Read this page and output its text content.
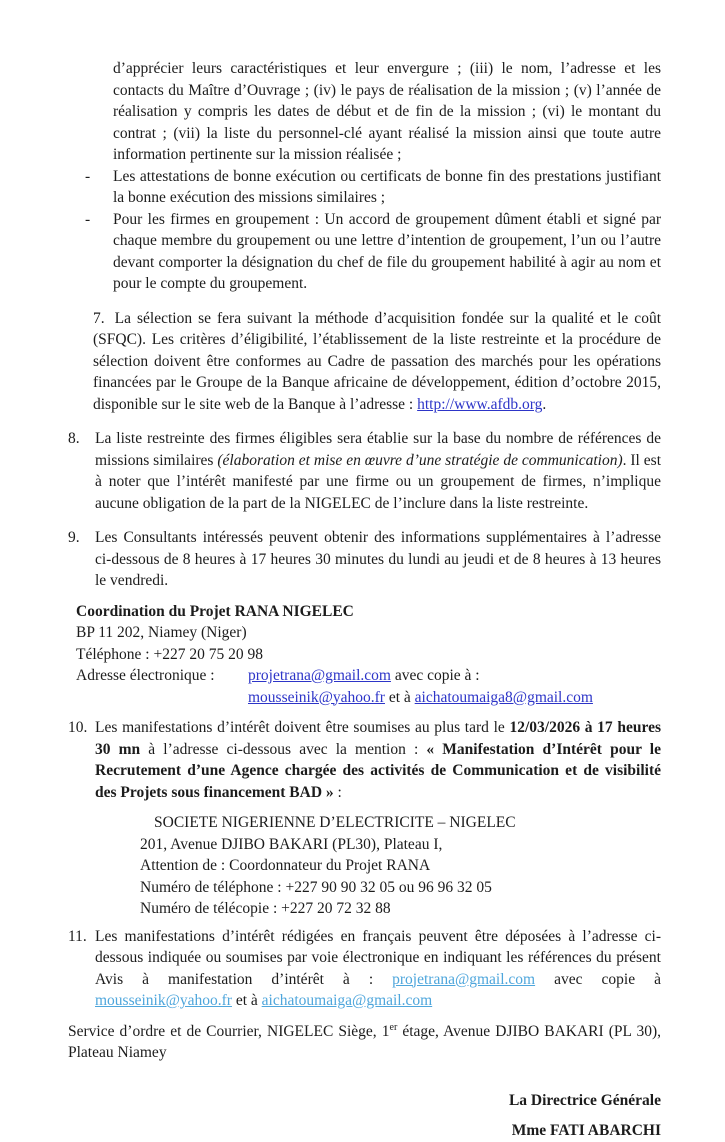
d’apprécier leurs caractéristiques et leur envergure ; (iii) le nom, l’adresse et les contacts du Maître d’Ouvrage ; (iv) le pays de réalisation de la mission ; (v) l’année de réalisation y compris les dates de début et de fin de la mission ; (vi) le montant du contrat ; (vii) la liste du personnel-clé ayant réalisé la mission ainsi que toute autre information pertinente sur la mission réalisée ;

- Les attestations de bonne exécution ou certificats de bonne fin des prestations justifiant la bonne exécution des missions similaires ;
- Pour les firmes en groupement : Un accord de groupement dûment établi et signé par chaque membre du groupement ou une lettre d’intention de groupement, l’un ou l’autre devant comporter la désignation du chef de file du groupement habilité à agir au nom et pour le compte du groupement.

7. La sélection se fera suivant la méthode d’acquisition fondée sur la qualité et le coût (SFQC). Les critères d’éligibilité, l’établissement de la liste restreinte et la procédure de sélection doivent être conformes au Cadre de passation des marchés pour les opérations financées par le Groupe de la Banque africaine de développement, édition d’octobre 2015, disponible sur le site web de la Banque à l’adresse : http://www.afdb.org.

8. La liste restreinte des firmes éligibles sera établie sur la base du nombre de références de missions similaires (élaboration et mise en œuvre d’une stratégie de communication). Il est à noter que l’intérêt manifesté par une firme ou un groupement de firmes, n’implique aucune obligation de la part de la NIGELEC de l’inclure dans la liste restreinte.
9. Les Consultants intéressés peuvent obtenir des informations supplémentaires à l’adresse ci-dessous de 8 heures à 17 heures 30 minutes du lundi au jeudi et de 8 heures à 13 heures le vendredi.
Coordination du Projet RANA NIGELEC
BP 11 202, Niamey (Niger)
Téléphone : +227 20 75 20 98
Adresse électronique :	projetrana@gmail.com avec copie à :
mousseinik@yahoo.fr et à aichatoumaiga8@gmail.com
10. Les manifestations d’intérêt doivent être soumises au plus tard le 12/03/2026 à 17 heures 30 mn à l’adresse ci-dessous avec la mention : « Manifestation d’Intérêt pour le Recrutement d’une Agence chargée des activités de Communication et de visibilité des Projets sous financement BAD » :
SOCIETE NIGERIENNE D’ELECTRICITE – NIGELEC
201, Avenue DJIBO BAKARI (PL30), Plateau I,
Attention de : Coordonnateur du Projet RANA
Numéro de téléphone : +227 90 90 32 05 ou 96 96 32 05
Numéro de télécopie : +227 20 72 32 88
11. Les manifestations d’intérêt rédigées en français peuvent être déposées à l’adresse ci-dessous indiquée ou soumises par voie électronique en indiquant les références du présent Avis à manifestation d’intérêt à : projetrana@gmail.com avec copie à mousseinik@yahoo.fr et à aichatoumaiga@gmail.com

Service d’ordre et de Courrier, NIGELEC Siège, 1er étage, Avenue DJIBO BAKARI (PL 30), Plateau Niamey

La Directrice Générale
Mme FATI ABARCHI
